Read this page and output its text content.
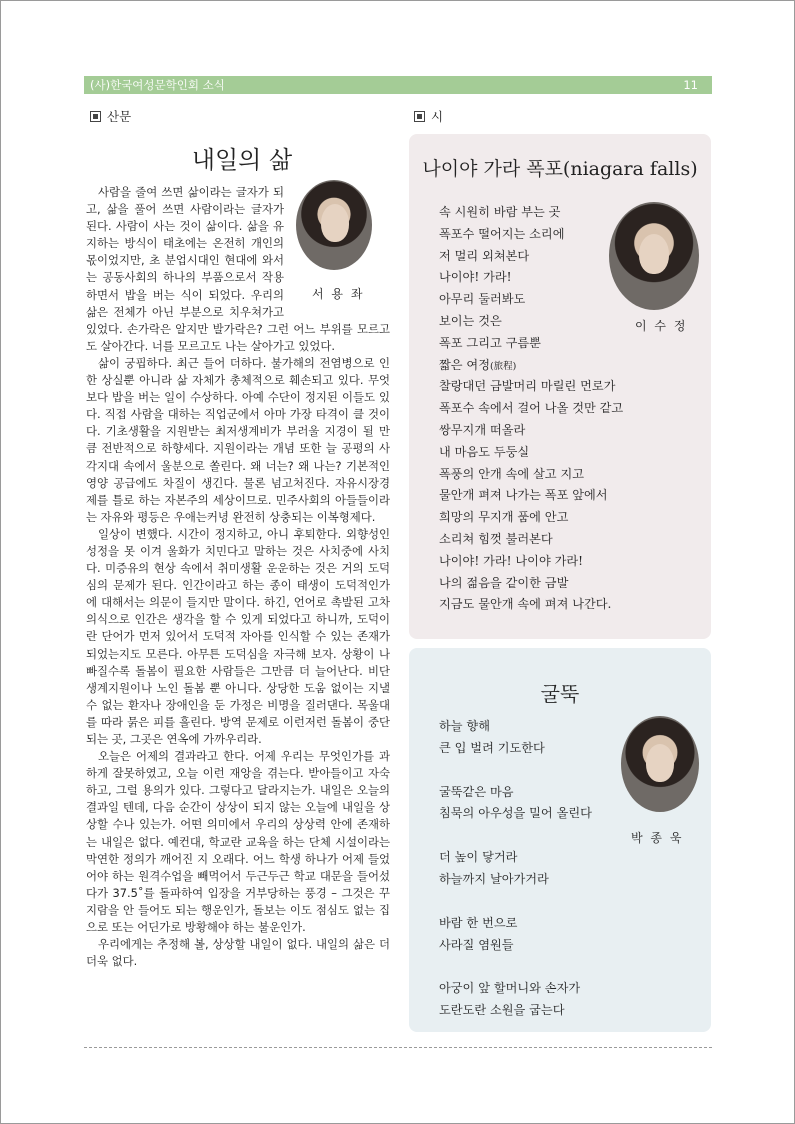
(사)한국여성문학인회 소식	11
산문	시
내일의 삶
서 용 좌

사람을 줄여 쓰면 삶이라는 글자가 되고, 삶을 풀어 쓰면 사람이라는 글자가 된다. 사람이 사는 것이 삶이다. 삶을 유지하는 방식이 태초에는 온전히 개인의 몫이었지만, 초 분업시대인 현대에 와서는 공동사회의 하나의 부품으로서 작용하면서 밥을 버는 식이 되었다. 우리의 삶은 전체가 아닌 부분으로 치우쳐가고 있었다. 손가락은 알지만 발가락은? 그런 어느 부위를 모르고도 살아간다. 너를 모르고도 나는 살아가고 있었다.

삶이 궁핍하다. 최근 들어 더하다. 불가해의 전염병으로 인한 상실뿐 아니라 삶 자체가 총체적으로 훼손되고 있다. 무엇보다 밥을 버는 일이 수상하다. 아예 수단이 정지된 이들도 있다. 직접 사람을 대하는 직업군에서 아마 가장 타격이 클 것이다. 기초생활을 지원받는 최저생계비가 부러울 지경이 될 만큼 전반적으로 하향세다. 지원이라는 개념 또한 늘 공평의 사각지대 속에서 울분으로 쏠린다. 왜 너는? 왜 나는? 기본적인 영양 공급에도 차질이 생긴다. 물론 넘고처진다. 자유시장경제를 틀로 하는 자본주의 세상이므로. 민주사회의 아들들이라는 자유와 평등은 우애는커녕 완전히 상충되는 이복형제다.

일상이 변했다. 시간이 정지하고, 아니 후퇴한다. 외향성인 성정을 못 이겨 울화가 치민다고 말하는 것은 사치중에 사치다. 미증유의 현상 속에서 취미생활 운운하는 것은 거의 도덕심의 문제가 된다. 인간이라고 하는 종이 태생이 도덕적인가에 대해서는 의문이 들지만 말이다. 하긴, 언어로 촉발된 고차의식으로 인간은 생각을 할 수 있게 되었다고 하니까, 도덕이란 단어가 먼저 있어서 도덕적 자아를 인식할 수 있는 존재가 되었는지도 모른다. 아무튼 도덕심을 자극해 보자. 상황이 나빠질수록 돌봄이 필요한 사람들은 그만큼 더 늘어난다. 비단 생계지원이나 노인 돌봄 뿐 아니다. 상당한 도움 없이는 지낼 수 없는 환자나 장애인을 둔 가정은 비명을 질러댄다. 목울대를 따라 묽은 피를 흘린다. 방역 문제로 이런저런 돌봄이 중단되는 곳, 그곳은 연옥에 가까우리라.

오늘은 어제의 결과라고 한다. 어제 우리는 무엇인가를 과하게 잘못하였고, 오늘 이런 재앙을 겪는다. 받아들이고 자숙하고, 그럴 용의가 있다. 그렇다고 달라지는가. 내일은 오늘의 결과일 텐데, 다음 순간이 상상이 되지 않는 오늘에 내일을 상상할 수나 있는가. 어떤 의미에서 우리의 상상력 안에 존재하는 내일은 없다. 예컨대, 학교란 교육을 하는 단체 시설이라는 막연한 정의가 깨어진 지 오래다. 어느 학생 하나가 어제 들었어야 하는 원격수업을 빼먹어서 두근두근 학교 대문을 들어섰다가 37.5˚를 돌파하여 입장을 거부당하는 풍경 – 그것은 꾸지람을 안 들어도 되는 행운인가, 돌보는 이도 점심도 없는 집으로 또는 어딘가로 방황해야 하는 불운인가.

우리에게는 추정해 볼, 상상할 내일이 없다. 내일의 삶은 더더욱 없다.

나이야 가라 폭포(niagara falls)
이 수 정
속 시원히 바람 부는 곳
폭포수 떨어지는 소리에
저 멀리 외쳐본다
나이야! 가라!
아무리 둘러봐도
보이는 것은
폭포 그리고 구름뿐
짧은 여정(旅程)
찰랑대던 금발머리 마릴린 먼로가
폭포수 속에서 걸어 나올 것만 같고
쌍무지개 떠올라
내 마음도 두둥실
폭풍의 안개 속에 살고 지고
물안개 펴져 나가는 폭포 앞에서
희망의 무지개 품에 안고
소리쳐 힘껏 불러본다
나이야! 가라! 나이야 가라!
나의 젊음을 같이한 금발
지금도 물안개 속에 펴져 나간다.
굴뚝
박 종 욱
하늘 향해
큰 입 벌려 기도한다
굴뚝같은 마음
침묵의 아우성을 밀어 올린다
더 높이 닿거라
하늘까지 날아가거라
바람 한 번으로
사라질 염원들
아궁이 앞 할머니와 손자가
도란도란 소원을 굽는다
